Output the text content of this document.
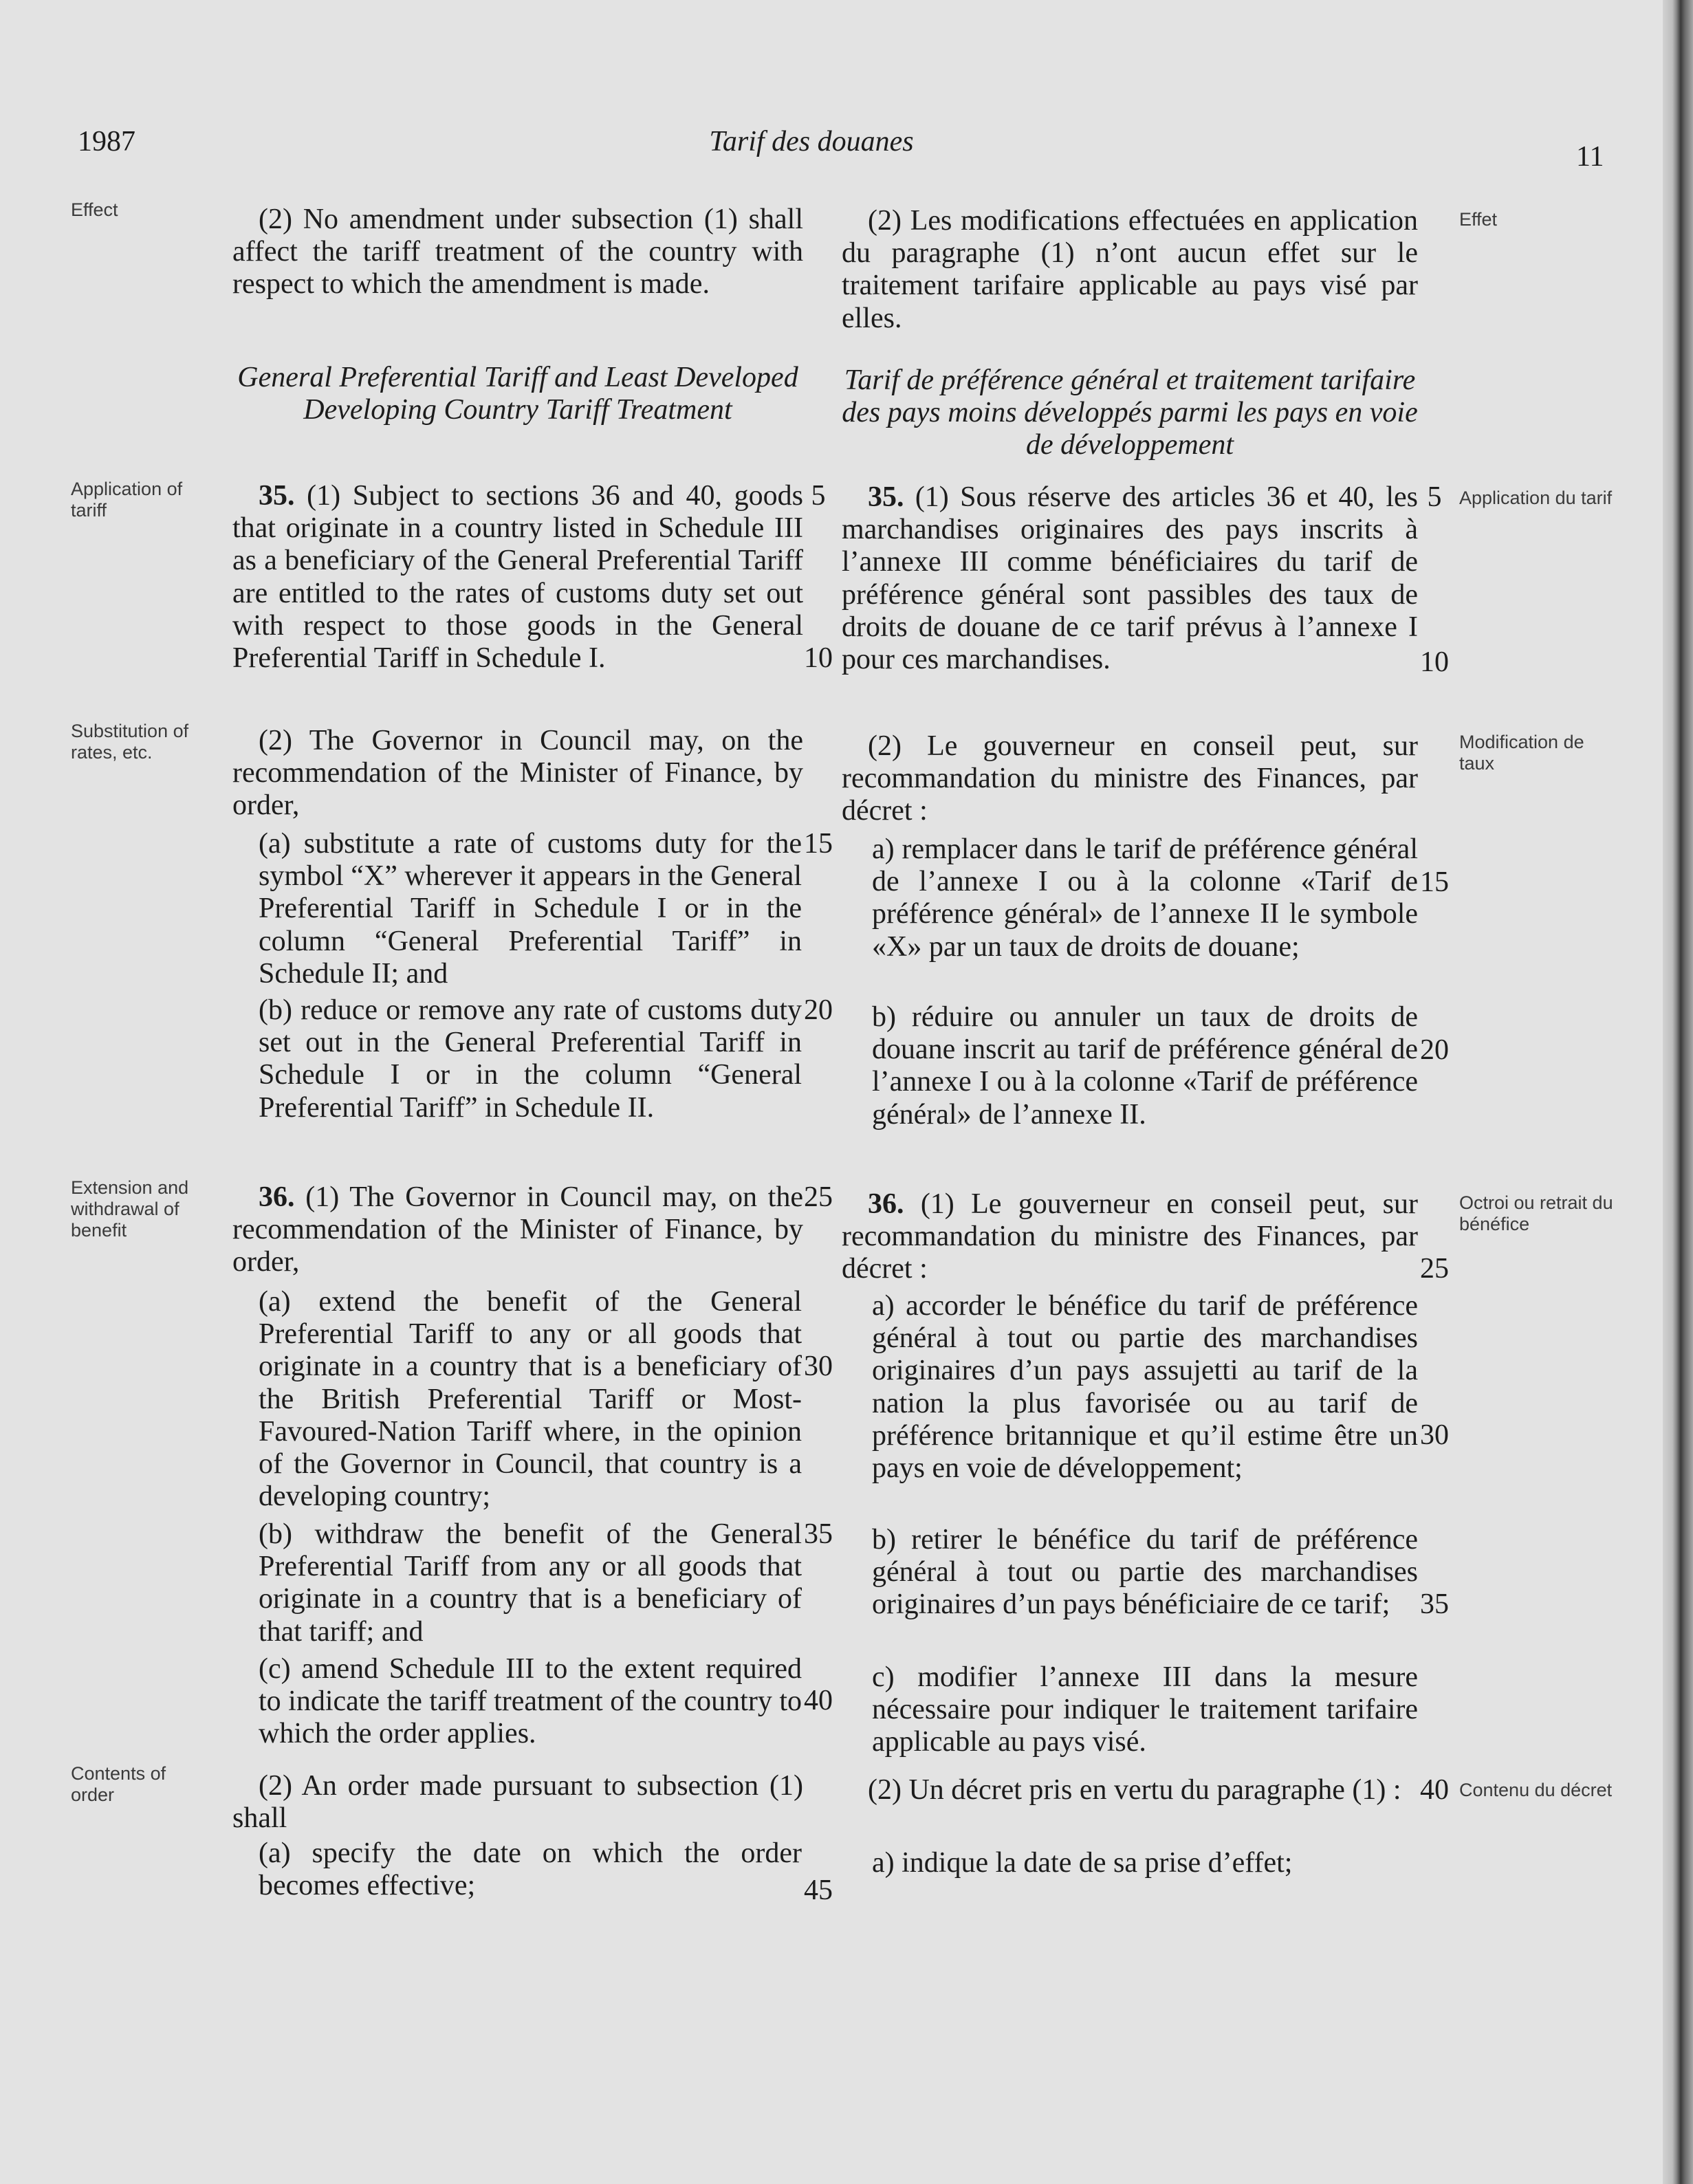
1987	Tarif des douanes	11
Effect
Application of tariff
Substitution of rates, etc.
Extension and withdrawal of benefit
Contents of order
Effet
Application du tarif
Modification de taux
Octroi ou retrait du bénéfice
Contenu du décret
(2) No amendment under subsection (1) shall affect the tariff treatment of the country with respect to which the amendment is made.
General Preferential Tariff and Least Developed Developing Country Tariff Treatment
35. (1) Subject to sections 36 and 40, goods that originate in a country listed in Schedule III as a beneficiary of the General Preferential Tariff are entitled to the rates of customs duty set out with respect to those goods in the General Preferential Tariff in Schedule I.
(2) The Governor in Council may, on the recommendation of the Minister of Finance, by order,
(a) substitute a rate of customs duty for the symbol “X” wherever it appears in the General Preferential Tariff in Schedule I or in the column “General Preferential Tariff” in Schedule II; and
(b) reduce or remove any rate of customs duty set out in the General Preferential Tariff in Schedule I or in the column “General Preferential Tariff” in Schedule II.
36. (1) The Governor in Council may, on the recommendation of the Minister of Finance, by order,
(a) extend the benefit of the General Preferential Tariff to any or all goods that originate in a country that is a beneficiary of the British Preferential Tariff or Most-Favoured-Nation Tariff where, in the opinion of the Governor in Council, that country is a developing country;
(b) withdraw the benefit of the General Preferential Tariff from any or all goods that originate in a country that is a beneficiary of that tariff; and
(c) amend Schedule III to the extent required to indicate the tariff treatment of the country to which the order applies.
(2) An order made pursuant to subsection (1) shall
(a) specify the date on which the order becomes effective;
(2) Les modifications effectuées en application du paragraphe (1) n’ont aucun effet sur le traitement tarifaire applicable au pays visé par elles.
Tarif de préférence général et traitement tarifaire des pays moins développés parmi les pays en voie de développement
35. (1) Sous réserve des articles 36 et 40, les marchandises originaires des pays inscrits à l’annexe III comme bénéficiaires du tarif de préférence général sont passibles des taux de droits de douane de ce tarif prévus à l’annexe I pour ces marchandises.
(2) Le gouverneur en conseil peut, sur recommandation du ministre des Finances, par décret :
a) remplacer dans le tarif de préférence général de l’annexe I ou à la colonne «Tarif de préférence général» de l’annexe II le symbole «X» par un taux de droits de douane;
b) réduire ou annuler un taux de droits de douane inscrit au tarif de préférence général de l’annexe I ou à la colonne «Tarif de préférence général» de l’annexe II.
36. (1) Le gouverneur en conseil peut, sur recommandation du ministre des Finances, par décret :
a) accorder le bénéfice du tarif de préférence général à tout ou partie des marchandises originaires d’un pays assujetti au tarif de la nation la plus favorisée ou au tarif de préférence britannique et qu’il estime être un pays en voie de développement;
b) retirer le bénéfice du tarif de préférence général à tout ou partie des marchandises originaires d’un pays bénéficiaire de ce tarif;
c) modifier l’annexe III dans la mesure nécessaire pour indiquer le traitement tarifaire applicable au pays visé.
(2) Un décret pris en vertu du paragraphe (1) :
a) indique la date de sa prise d’effet;
5
10
15
20
25
30
35
40
45
5
10
15
20
25
30
35
40
